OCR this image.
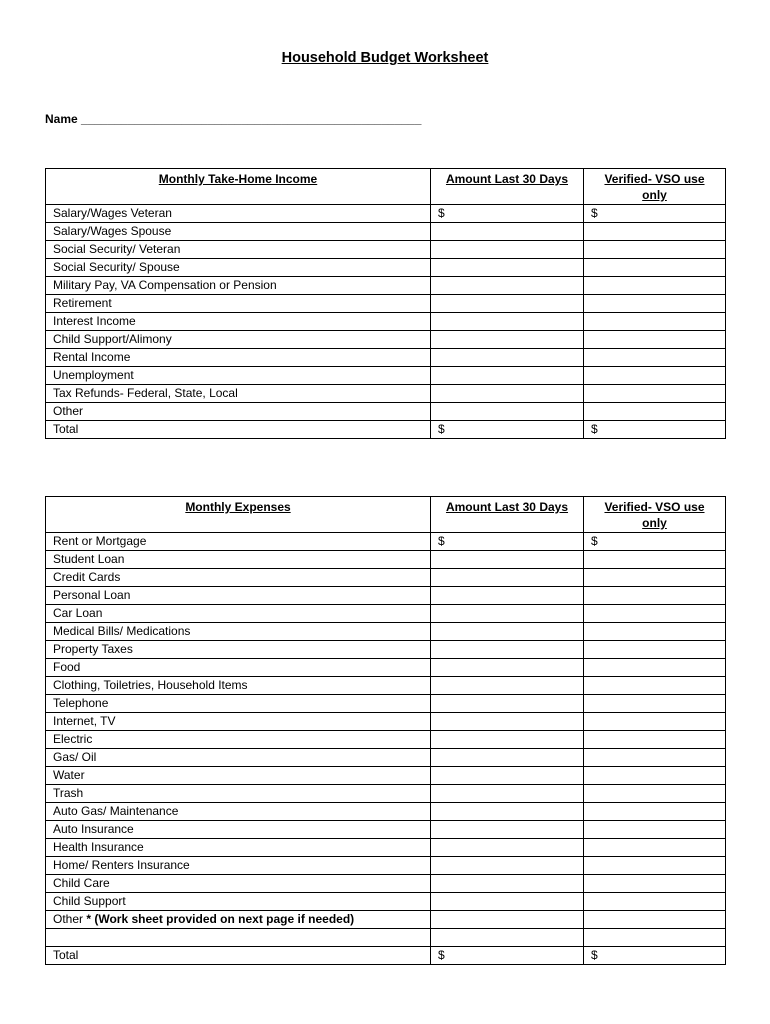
Household Budget Worksheet
Name ___________________________________________________
Monthly Take-Home Income	Amount Last 30 Days	Verified- VSO use only
Salary/Wages Veteran	$	$
Salary/Wages Spouse		
Social Security/ Veteran		
Social Security/ Spouse		
Military Pay, VA Compensation or Pension		
Retirement		
Interest Income		
Child Support/Alimony		
Rental Income		
Unemployment		
Tax Refunds- Federal, State, Local		
Other		
Total	$	$
Monthly Expenses	Amount Last 30 Days	Verified- VSO use only
Rent or Mortgage	$	$
Student Loan		
Credit Cards		
Personal Loan		
Car Loan		
Medical Bills/ Medications		
Property Taxes		
Food		
Clothing, Toiletries, Household Items		
Telephone		
Internet, TV		
Electric		
Gas/ Oil		
Water		
Trash		
Auto Gas/ Maintenance		
Auto Insurance		
Health Insurance		
Home/ Renters Insurance		
Child Care		
Child Support		
Other * (Work sheet provided on next page if needed)		

Total	$	$
